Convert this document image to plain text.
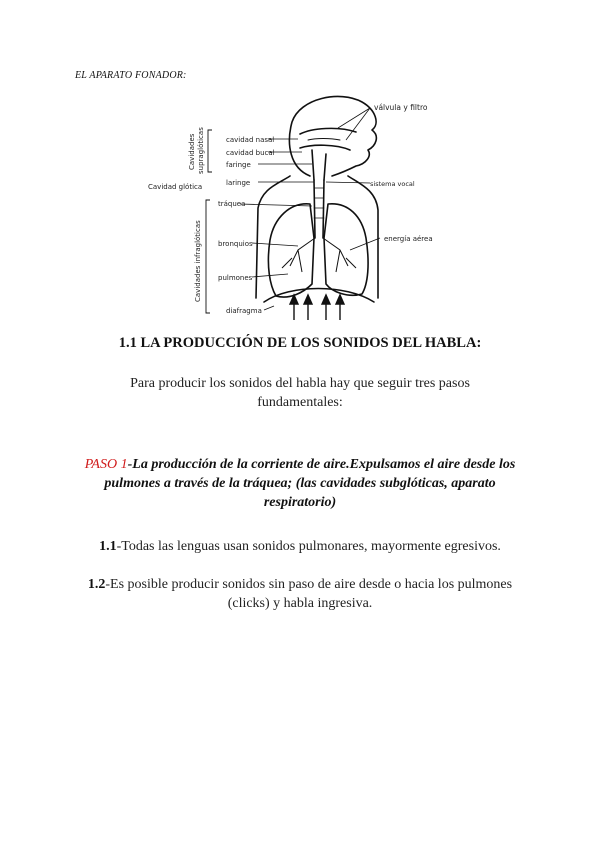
EL APARATO FONADOR:
válvula y filtro
cavidad nasal
cavidad bucal
faringe
laringe	sistema vocal
Cavidad glótica
tráquea
energía aérea
bronquios
pulmones
diafragma
Cavidades supraglóticas
Cavidades infraglóticas
1.1 LA PRODUCCIÓN DE LOS SONIDOS DEL HABLA:
Para producir los sonidos del habla hay que seguir tres pasos fundamentales:
PASO 1-La producción de la corriente de aire.Expulsamos el aire desde los pulmones a través de la tráquea; (las cavidades subglóticas, aparato respiratorio)
1.1-Todas las lenguas usan sonidos pulmonares, mayormente egresivos.
1.2-Es posible producir sonidos sin paso de aire desde o hacia los pulmones (clicks) y habla ingresiva.
